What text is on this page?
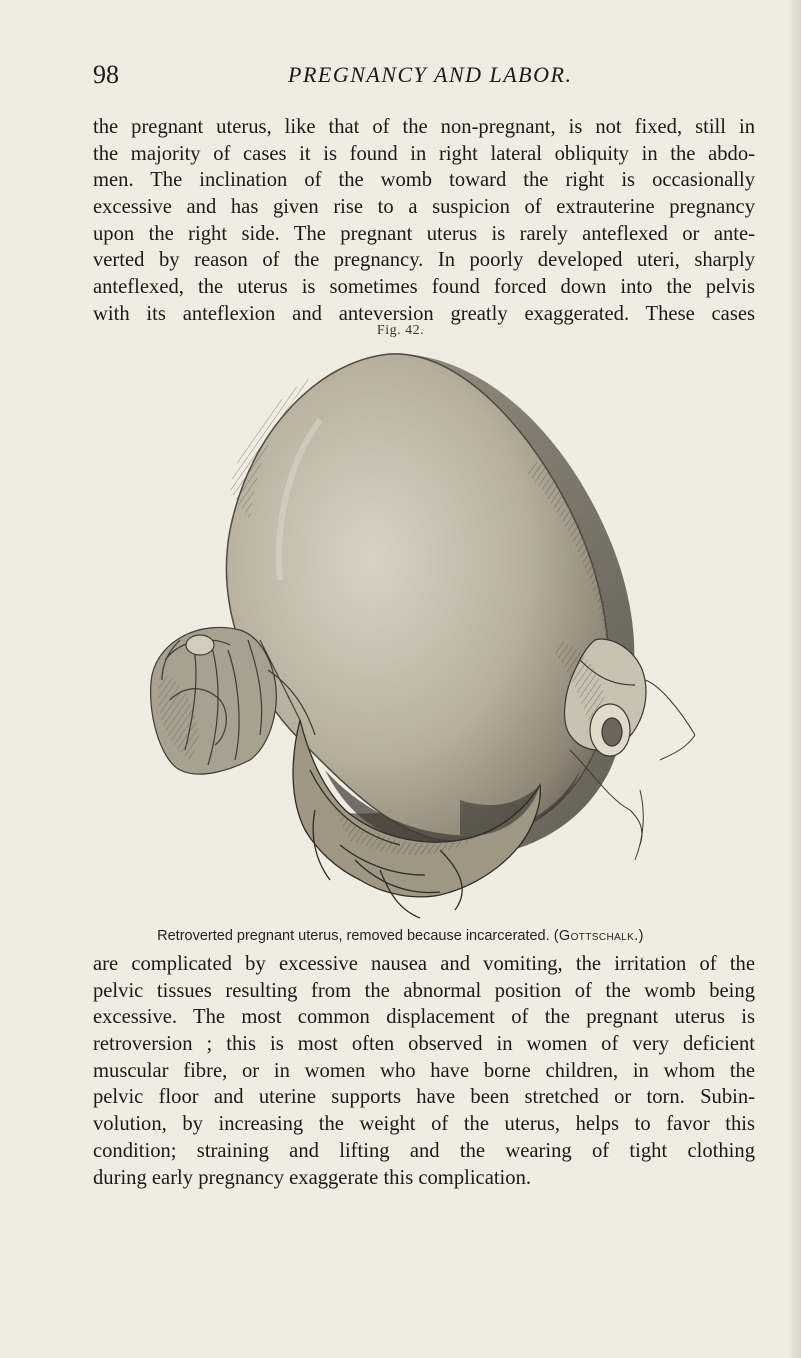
98	PREGNANCY AND LABOR.
the pregnant uterus, like that of the non-pregnant, is not fixed, still in
the majority of cases it is found in right lateral obliquity in the abdo-
men. The inclination of the womb toward the right is occasionally
excessive and has given rise to a suspicion of extrauterine pregnancy
upon the right side. The pregnant uterus is rarely anteflexed or ante-
verted by reason of the pregnancy. In poorly developed uteri, sharply
anteflexed, the uterus is sometimes found forced down into the pelvis
with its anteflexion and anteversion greatly exaggerated. These cases
Fig. 42.
Retroverted pregnant uterus, removed because incarcerated. (Gottschalk.)
are complicated by excessive nausea and vomiting, the irritation of the
pelvic tissues resulting from the abnormal position of the womb being
excessive. The most common displacement of the pregnant uterus is
retroversion ; this is most often observed in women of very deficient
muscular fibre, or in women who have borne children, in whom the
pelvic floor and uterine supports have been stretched or torn. Subin-
volution, by increasing the weight of the uterus, helps to favor this
condition; straining and lifting and the wearing of tight clothing
during early pregnancy exaggerate this complication.
